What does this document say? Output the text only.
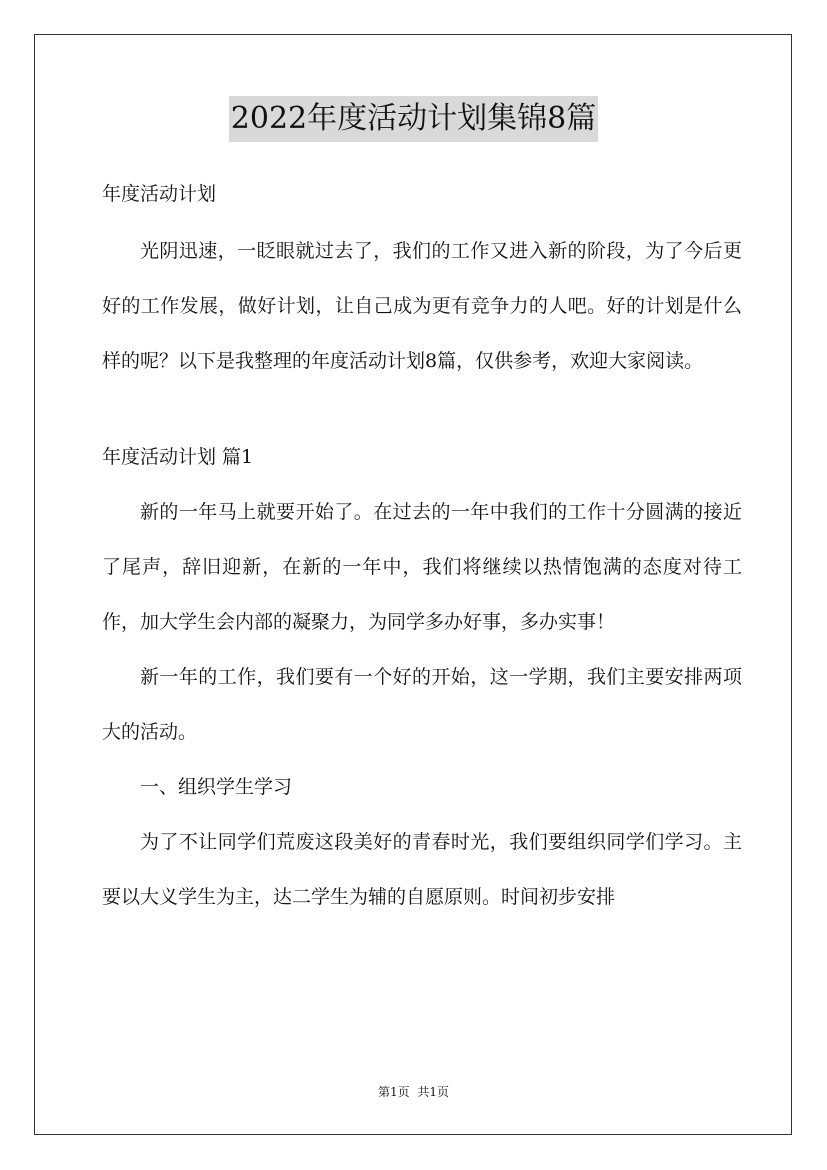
2022年度活动计划集锦8篇

年度活动计划

光阴迅速，一眨眼就过去了，我们的工作又进入新的阶段，为了今后更好的工作发展，做好计划，让自己成为更有竞争力的人吧。好的计划是什么样的呢？以下是我整理的年度活动计划8篇，仅供参考，欢迎大家阅读。

年度活动计划 篇1

新的一年马上就要开始了。在过去的一年中我们的工作十分圆满的接近了尾声，辞旧迎新，在新的一年中，我们将继续以热情饱满的态度对待工作，加大学生会内部的凝聚力，为同学多办好事，多办实事！

新一年的工作，我们要有一个好的开始，这一学期，我们主要安排两项大的活动。

一、组织学生学习

为了不让同学们荒废这段美好的青春时光，我们要组织同学们学习。主要以大义学生为主，达二学生为辅的自愿原则。时间初步安排

第1页 共1页
